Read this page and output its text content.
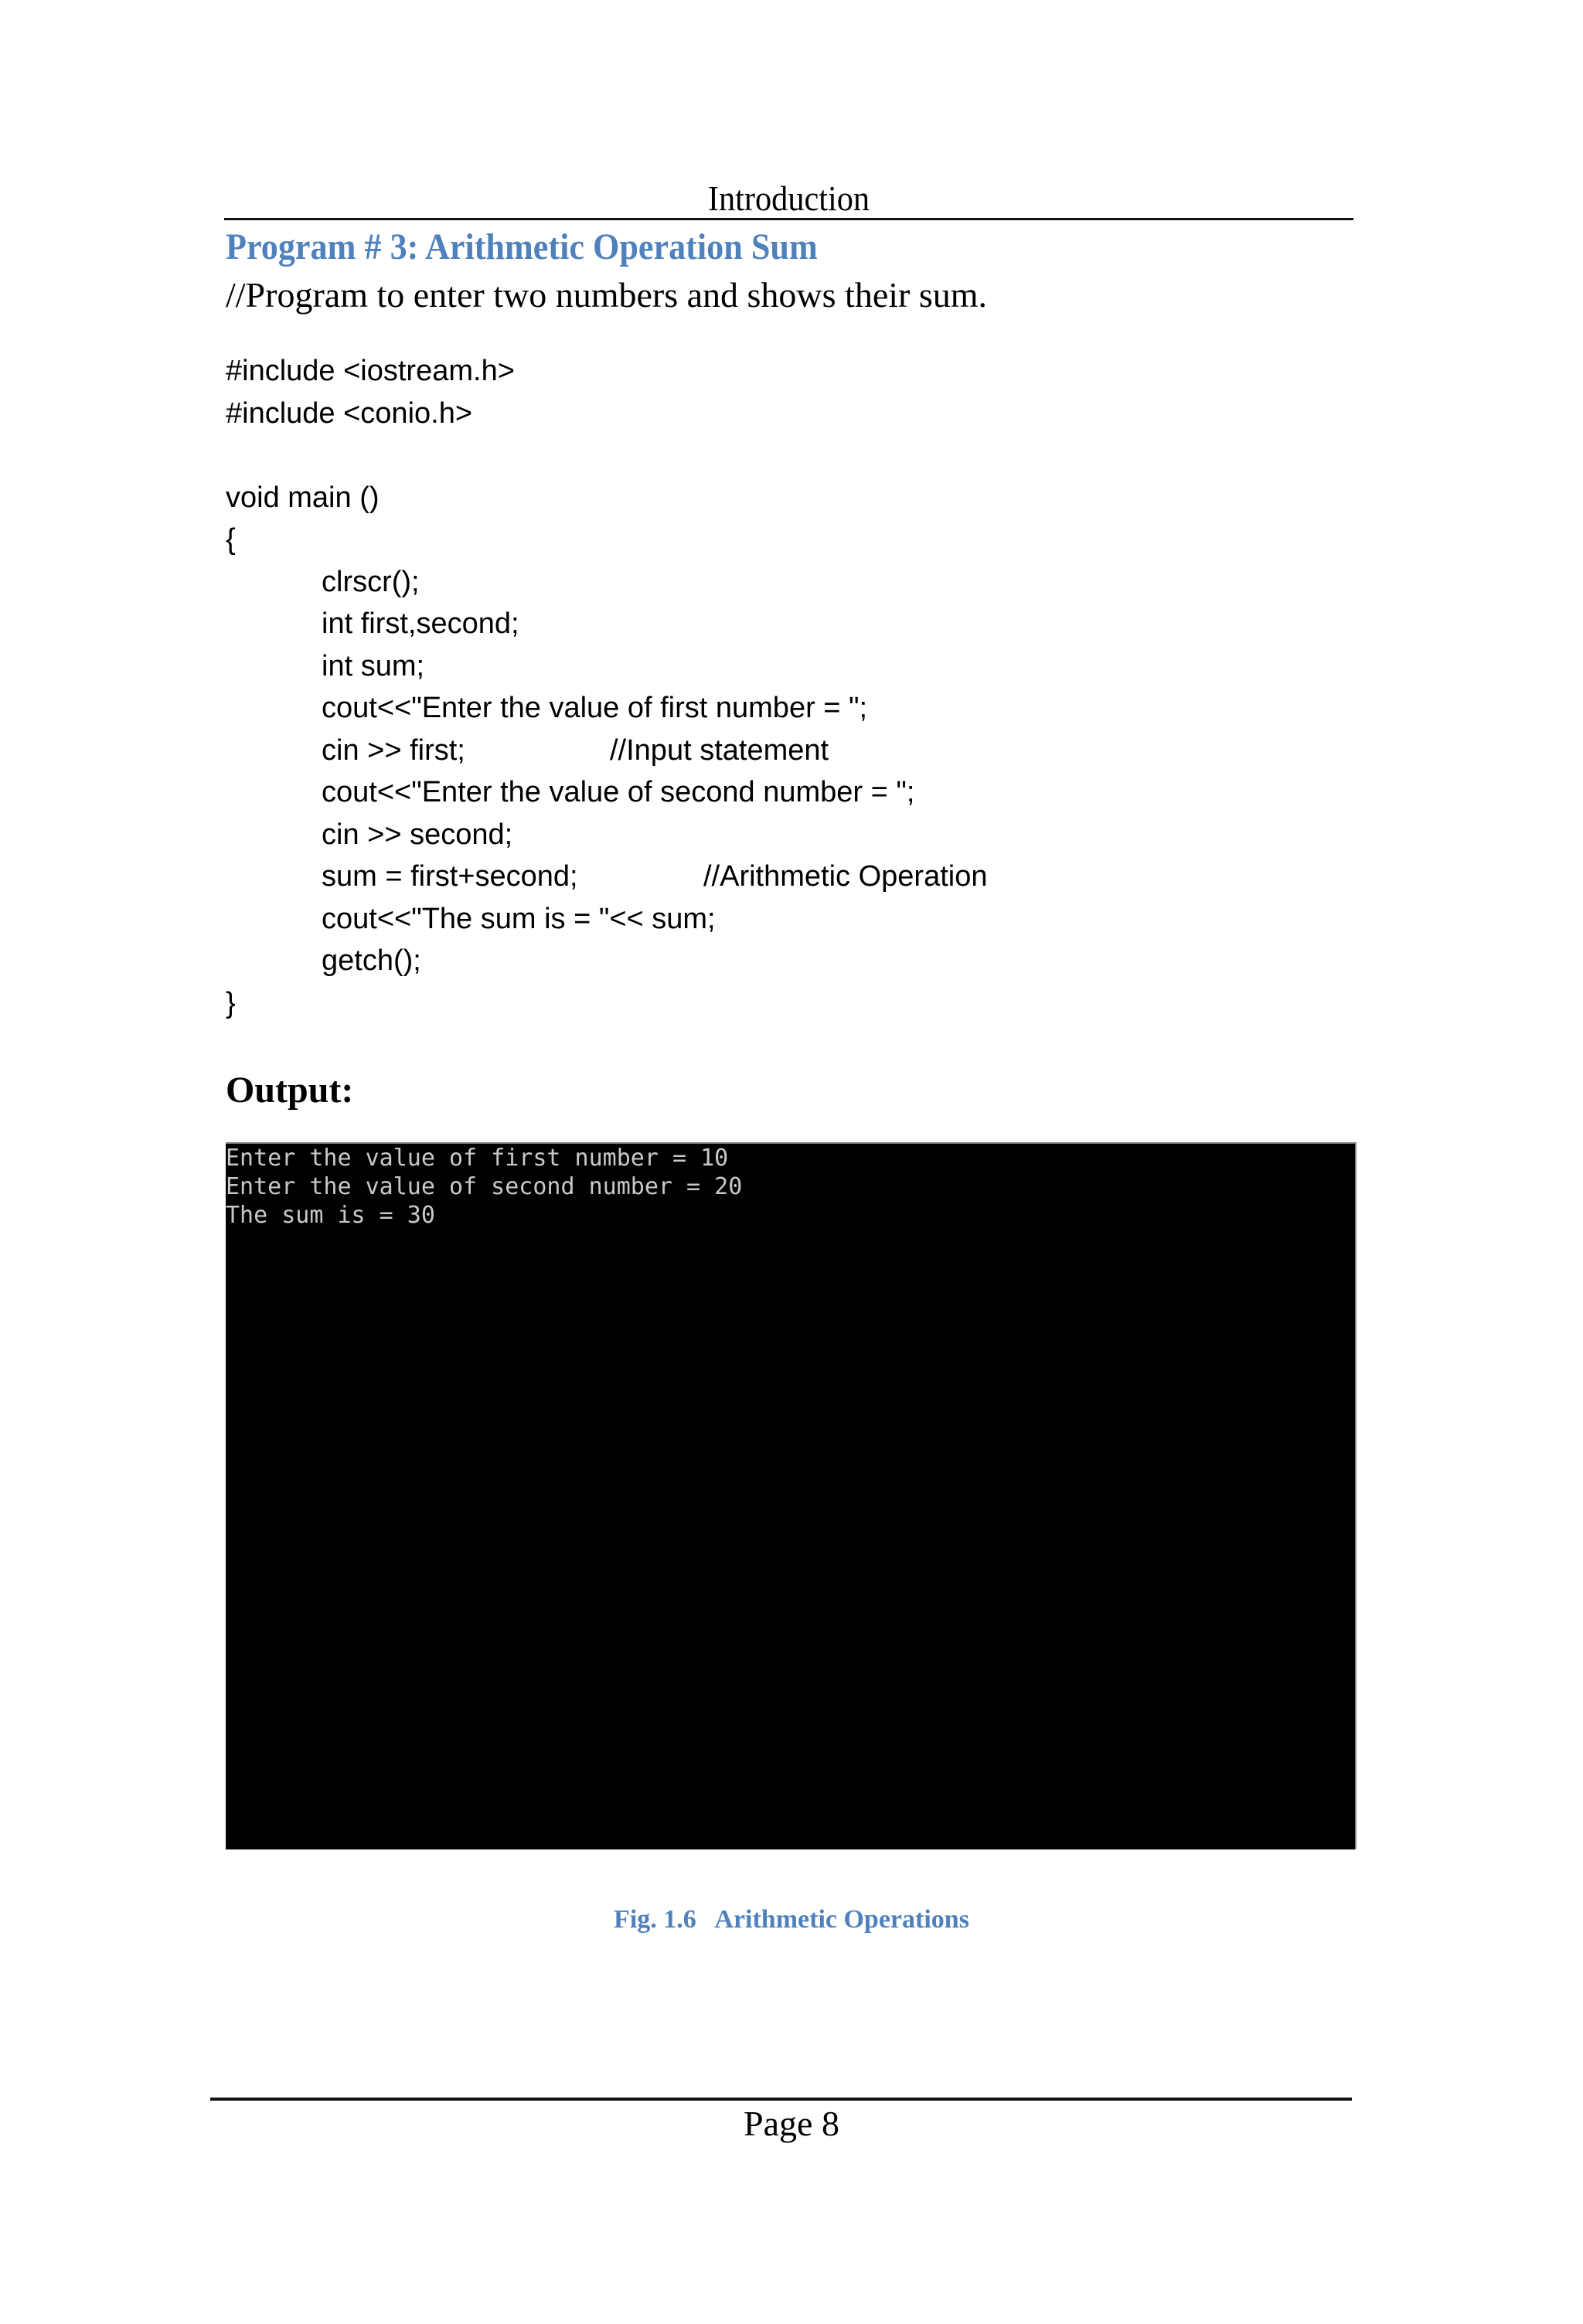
Introduction
Program # 3: Arithmetic Operation Sum
//Program to enter two numbers and shows their sum.
#include <iostream.h>
#include <conio.h>
void main ()
{
clrscr();
int first,second;
int sum;
cout<<"Enter the value of first number = ";
cin >> first;	//Input statement
cout<<"Enter the value of second number = ";
cin >> second;
sum = first+second;	//Arithmetic Operation
cout<<"The sum is = "<< sum;
getch();
}
Output:
Enter the value of first number = 10
Enter the value of second number = 20
The sum is = 30
Fig. 1.6   Arithmetic Operations
Page 8
